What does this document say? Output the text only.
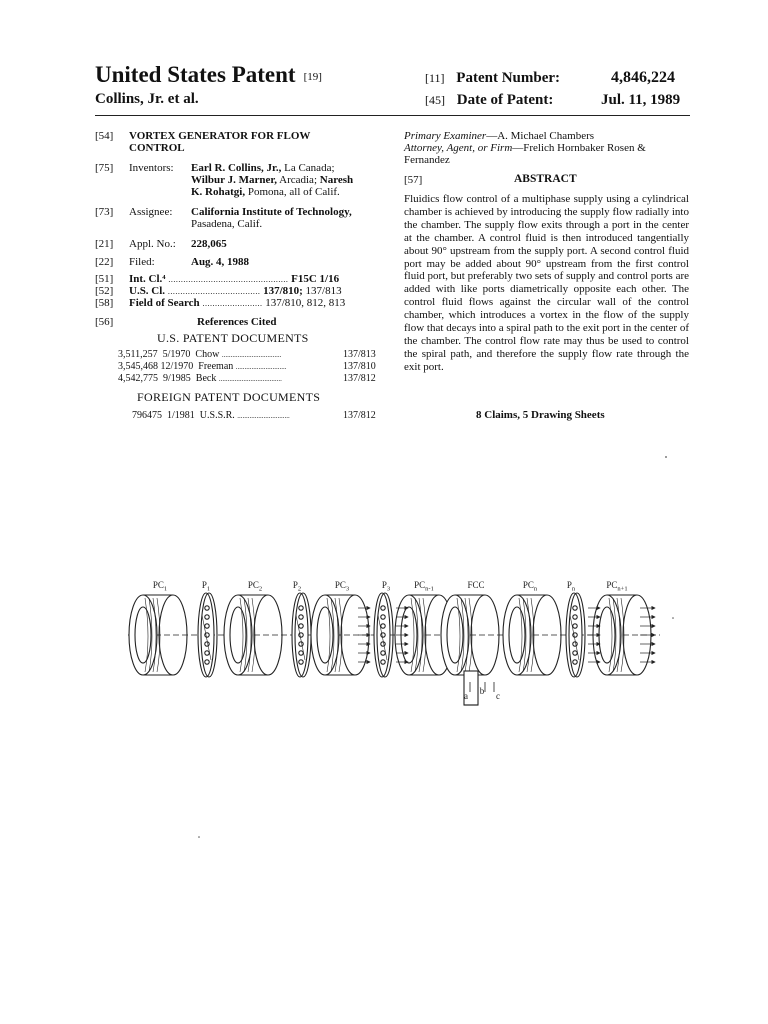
United States Patent [19]
Collins, Jr. et al.
[11] Patent Number:	4,846,224
[45] Date of Patent:	Jul. 11, 1989
[54] VORTEX GENERATOR FOR FLOW
CONTROL
[75] Inventors: Earl R. Collins, Jr., La Canada;
Wilbur J. Marner, Arcadia; Naresh
K. Rohatgi, Pomona, all of Calif.
[73] Assignee: California Institute of Technology,
Pasadena, Calif.
[21] Appl. No.: 228,065
[22] Filed:	Aug. 4, 1988
[51] Int. Cl.⁴ ................................................ F15C 1/16
[52] U.S. Cl. ..................................... 137/810; 137/813
[58] Field of Search ........................ 137/810, 812, 813
[56]	References Cited
U.S. PATENT DOCUMENTS
3,511,257 5/1970 Chow ..................................	137/813
3,545,468 12/1970 Freeman .............................	137/810
4,542,775 9/1985 Beck ....................................	137/812
FOREIGN PATENT DOCUMENTS
796475 1/1981 U.S.S.R. ..............................	137/812
Primary Examiner—A. Michael Chambers
Attorney, Agent, or Firm—Frelich Hornbaker Rosen &
Fernandez
[57]	ABSTRACT
Fluidics flow control of a multiphase supply using a cylindrical chamber is achieved by introducing the supply flow radially into the chamber. The supply flow exits through a port in the center at the chamber. A control fluid is then introduced tangentially about 90° upstream from the supply port. A second control fluid port may be added about 90° upstream from the first control fluid port, but preferably two sets of supply and control ports are added with like ports diametrically opposite each other. The control fluid flows against the circular wall of the control chamber, which introduces a vortex in the flow of the supply flow that decays into a spiral path to the exit port in the center of the chamber. The control flow rate may thus be used to control the spiral path, and therefore the supply flow rate through the exit port.
8 Claims, 5 Drawing Sheets
$PC_1$	$P_1$	$PC_2$	$P_2$	$PC_3$	$P_3$	$PC_{n-1}$	FCC	$PC_n$	$P_n$	$PC_{n+1}$
a b c
